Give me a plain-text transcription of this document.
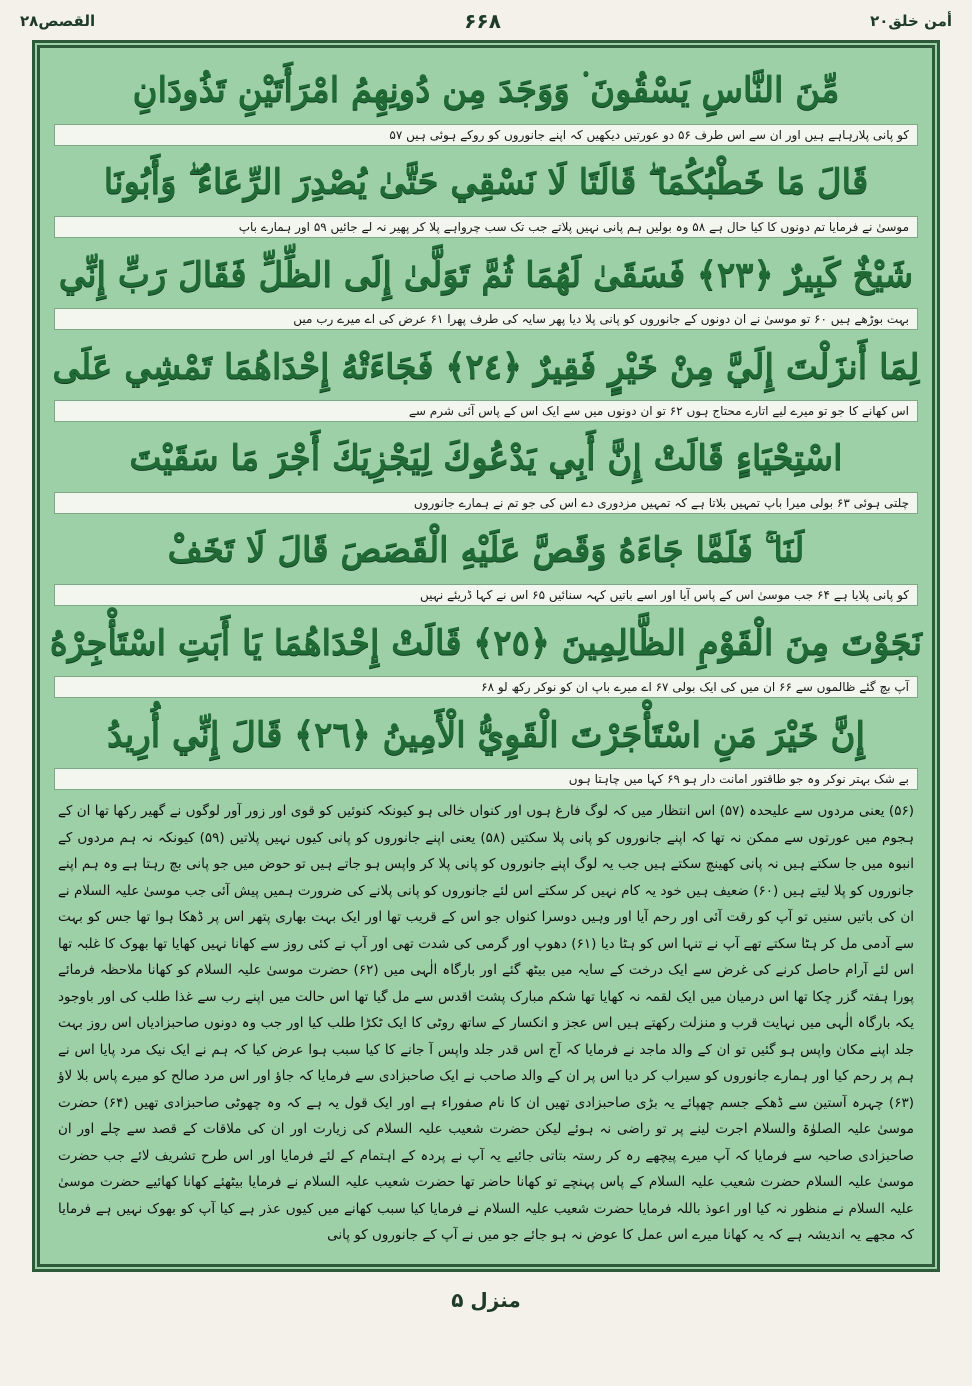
أمن خلق۲۰
۶۶۸
القصص۲۸
مِّنَ النَّاسِ يَسْقُونَ ۬ وَوَجَدَ مِن دُونِهِمُ امْرَأَتَيْنِ تَذُودَانِ
کو پانی پلارہاہے ہیں اور ان سے اس طرف ۵۶ دو عورتیں دیکھیں کہ اپنے جانوروں کو روکے ہوئی ہیں ۵۷
قَالَ مَا خَطْبُكُمَا ۖ قَالَتَا لَا نَسْقِي حَتَّىٰ يُصْدِرَ الرِّعَاءُ ۖ وَأَبُونَا
موسیٰ نے فرمایا تم دونوں کا کیا حال ہے ۵۸ وہ بولیں ہم پانی نہیں پلاتے جب تک سب چرواہے پلا کر پھیر نہ لے جائیں ۵۹ اور ہمارے باپ
شَيْخٌ كَبِيرٌ ﴿٢٣﴾ فَسَقَىٰ لَهُمَا ثُمَّ تَوَلَّىٰ إِلَى الظِّلِّ فَقَالَ رَبِّ إِنِّي
بہت بوڑھے ہیں ۶۰ تو موسیٰ نے ان دونوں کے جانوروں کو پانی پلا دیا پھر سایہ کی طرف پھرا ۶۱ عرض کی اے میرے رب میں
لِمَا أَنزَلْتَ إِلَيَّ مِنْ خَيْرٍ فَقِيرٌ ﴿٢٤﴾ فَجَاءَتْهُ إِحْدَاهُمَا تَمْشِي عَلَى
اس کھانے کا جو تو میرے لیے اتارے محتاج ہوں ۶۲ تو ان دونوں میں سے ایک اس کے پاس آئی شرم سے
اسْتِحْيَاءٍ قَالَتْ إِنَّ أَبِي يَدْعُوكَ لِيَجْزِيَكَ أَجْرَ مَا سَقَيْتَ
چلتی ہوئی ۶۳ بولی میرا باپ تمہیں بلاتا ہے کہ تمہیں مزدوری دے اس کی جو تم نے ہمارے جانوروں
لَنَا ۚ فَلَمَّا جَاءَهُ وَقَصَّ عَلَيْهِ الْقَصَصَ قَالَ لَا تَخَفْ
کو پانی پلایا ہے ۶۴ جب موسیٰ اس کے پاس آیا اور اسے باتیں کہہ سنائیں ۶۵ اس نے کہا ڈریئے نہیں
نَجَوْتَ مِنَ الْقَوْمِ الظَّالِمِينَ ﴿٢٥﴾ قَالَتْ إِحْدَاهُمَا يَا أَبَتِ اسْتَأْجِرْهُ
آپ بچ گئے ظالموں سے ۶۶ ان میں کی ایک بولی ۶۷ اے میرے باپ ان کو نوکر رکھ لو ۶۸
إِنَّ خَيْرَ مَنِ اسْتَأْجَرْتَ الْقَوِيُّ الْأَمِينُ ﴿٢٦﴾ قَالَ إِنِّي أُرِيدُ
بے شک بہتر نوکر وہ جو طاقتور امانت دار ہو ۶۹ کہا میں چاہتا ہوں
(۵۶) یعنی مردوں سے علیحدہ (۵۷) اس انتظار میں کہ لوگ فارغ ہوں اور کنواں خالی ہو کیونکہ کنوئیں کو قوی اور زور آور لوگوں نے گھیر رکھا تھا ان کے ہجوم میں عورتوں سے ممکن نہ تھا کہ اپنے جانوروں کو پانی پلا سکتیں (۵۸) یعنی اپنے جانوروں کو پانی کیوں نہیں پلاتیں (۵۹) کیونکہ نہ ہم مردوں کے انبوہ میں جا سکتے ہیں نہ پانی کھینچ سکتے ہیں جب یہ لوگ اپنے جانوروں کو پانی پلا کر واپس ہو جاتے ہیں تو حوض میں جو پانی بچ رہتا ہے وہ ہم اپنے جانوروں کو پلا لیتے ہیں (۶۰) ضعیف ہیں خود یہ کام نہیں کر سکتے اس لئے جانوروں کو پانی پلانے کی ضرورت ہمیں پیش آئی جب موسیٰ علیہ السلام نے ان کی باتیں سنیں تو آپ کو رقت آئی اور رحم آیا اور وہیں دوسرا کنواں جو اس کے قریب تھا اور ایک بہت بھاری پتھر اس پر ڈھکا ہوا تھا جس کو بہت سے آدمی مل کر ہٹا سکتے تھے آپ نے تنہا اس کو ہٹا دیا (۶۱) دھوپ اور گرمی کی شدت تھی اور آپ نے کئی روز سے کھانا نہیں کھایا تھا بھوک کا غلبہ تھا اس لئے آرام حاصل کرنے کی غرض سے ایک درخت کے سایہ میں بیٹھ گئے اور بارگاہ الٰہی میں (۶۲) حضرت موسیٰ علیہ السلام کو کھانا ملاحظہ فرمائے پورا ہفتہ گزر چکا تھا اس درمیان میں ایک لقمہ نہ کھایا تھا شکم مبارک پشت اقدس سے مل گیا تھا اس حالت میں اپنے رب سے غذا طلب کی اور باوجود یکہ بارگاہ الٰہی میں نہایت قرب و منزلت رکھتے ہیں اس عجز و انکسار کے ساتھ روٹی کا ایک ٹکڑا طلب کیا اور جب وہ دونوں صاحبزادیاں اس روز بہت جلد اپنے مکان واپس ہو گئیں تو ان کے والد ماجد نے فرمایا کہ آج اس قدر جلد واپس آ جانے کا کیا سبب ہوا عرض کیا کہ ہم نے ایک نیک مرد پایا اس نے ہم پر رحم کیا اور ہمارے جانوروں کو سیراب کر دیا اس پر ان کے والد صاحب نے ایک صاحبزادی سے فرمایا کہ جاؤ اور اس مرد صالح کو میرے پاس بلا لاؤ (۶۳) چہرہ آستین سے ڈھکے جسم چھپائے یہ بڑی صاحبزادی تھیں ان کا نام صفوراء ہے اور ایک قول یہ ہے کہ وہ چھوٹی صاحبزادی تھیں (۶۴) حضرت موسیٰ علیہ الصلوٰۃ والسلام اجرت لینے پر تو راضی نہ ہوئے لیکن حضرت شعیب علیہ السلام کی زیارت اور ان کی ملاقات کے قصد سے چلے اور ان صاحبزادی صاحبہ سے فرمایا کہ آپ میرے پیچھے رہ کر رستہ بتاتی جائیے یہ آپ نے پردہ کے اہتمام کے لئے فرمایا اور اس طرح تشریف لائے جب حضرت موسیٰ علیہ السلام حضرت شعیب علیہ السلام کے پاس پہنچے تو کھانا حاضر تھا حضرت شعیب علیہ السلام نے فرمایا بیٹھئے کھانا کھائیے حضرت موسیٰ علیہ السلام نے منظور نہ کیا اور اعوذ باللہ فرمایا حضرت شعیب علیہ السلام نے فرمایا کیا سبب کھانے میں کیوں عذر ہے کیا آپ کو بھوک نہیں ہے فرمایا کہ مجھے یہ اندیشہ ہے کہ یہ کھانا میرے اس عمل کا عوض نہ ہو جائے جو میں نے آپ کے جانوروں کو پانی
منزل ۵
